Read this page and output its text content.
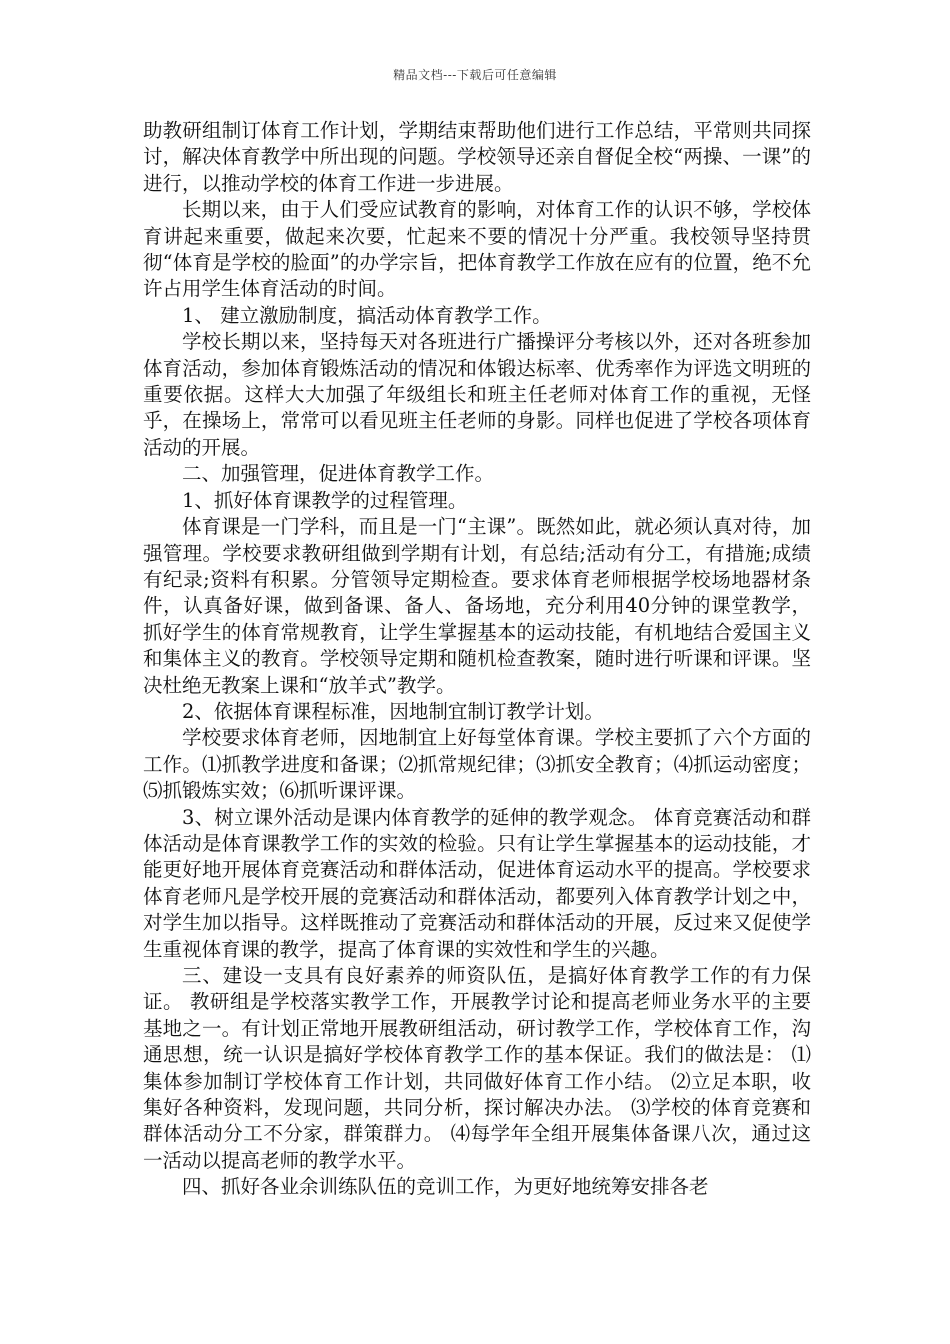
精品文档---下载后可任意编辑

助教研组制订体育工作计划，学期结束帮助他们进行工作总结，平常则共同探讨，解决体育教学中所出现的问题。学校领导还亲自督促全校“两操、一课”的进行，以推动学校的体育工作进一步进展。

长期以来，由于人们受应试教育的影响，对体育工作的认识不够，学校体育讲起来重要，做起来次要，忙起来不要的情况十分严重。我校领导坚持贯彻“体育是学校的脸面”的办学宗旨，把体育教学工作放在应有的位置，绝不允许占用学生体育活动的时间。

1、 建立激励制度，搞活动体育教学工作。

学校长期以来，坚持每天对各班进行广播操评分考核以外，还对各班参加体育活动，参加体育锻炼活动的情况和体锻达标率、优秀率作为评选文明班的重要依据。这样大大加强了年级组长和班主任老师对体育工作的重视，无怪乎，在操场上，常常可以看见班主任老师的身影。同样也促进了学校各项体育活动的开展。

二、加强管理，促进体育教学工作。

1、抓好体育课教学的过程管理。

体育课是一门学科，而且是一门“主课”。既然如此，就必须认真对待，加强管理。学校要求教研组做到学期有计划，有总结;活动有分工，有措施;成绩有纪录;资料有积累。分管领导定期检查。要求体育老师根据学校场地器材条件，认真备好课，做到备课、备人、备场地，充分利用40分钟的课堂教学，抓好学生的体育常规教育，让学生掌握基本的运动技能，有机地结合爱国主义和集体主义的教育。学校领导定期和随机检查教案，随时进行听课和评课。坚决杜绝无教案上课和“放羊式”教学。

2、依据体育课程标准，因地制宜制订教学计划。

学校要求体育老师，因地制宜上好每堂体育课。学校主要抓了六个方面的工作。⑴抓教学进度和备课；⑵抓常规纪律；⑶抓安全教育；⑷抓运动密度；⑸抓锻炼实效；⑹抓听课评课。

3、树立课外活动是课内体育教学的延伸的教学观念。 体育竞赛活动和群体活动是体育课教学工作的实效的检验。只有让学生掌握基本的运动技能，才能更好地开展体育竞赛活动和群体活动，促进体育运动水平的提高。学校要求体育老师凡是学校开展的竞赛活动和群体活动，都要列入体育教学计划之中，对学生加以指导。这样既推动了竞赛活动和群体活动的开展，反过来又促使学生重视体育课的教学，提高了体育课的实效性和学生的兴趣。

三、建设一支具有良好素养的师资队伍，是搞好体育教学工作的有力保证。 教研组是学校落实教学工作，开展教学讨论和提高老师业务水平的主要基地之一。有计划正常地开展教研组活动，研讨教学工作，学校体育工作，沟通思想，统一认识是搞好学校体育教学工作的基本保证。我们的做法是： ⑴集体参加制订学校体育工作计划，共同做好体育工作小结。 ⑵立足本职，收集好各种资料，发现问题，共同分析，探讨解决办法。 ⑶学校的体育竞赛和群体活动分工不分家，群策群力。 ⑷每学年全组开展集体备课八次，通过这一活动以提高老师的教学水平。

四、抓好各业余训练队伍的竞训工作，为更好地统筹安排各老
